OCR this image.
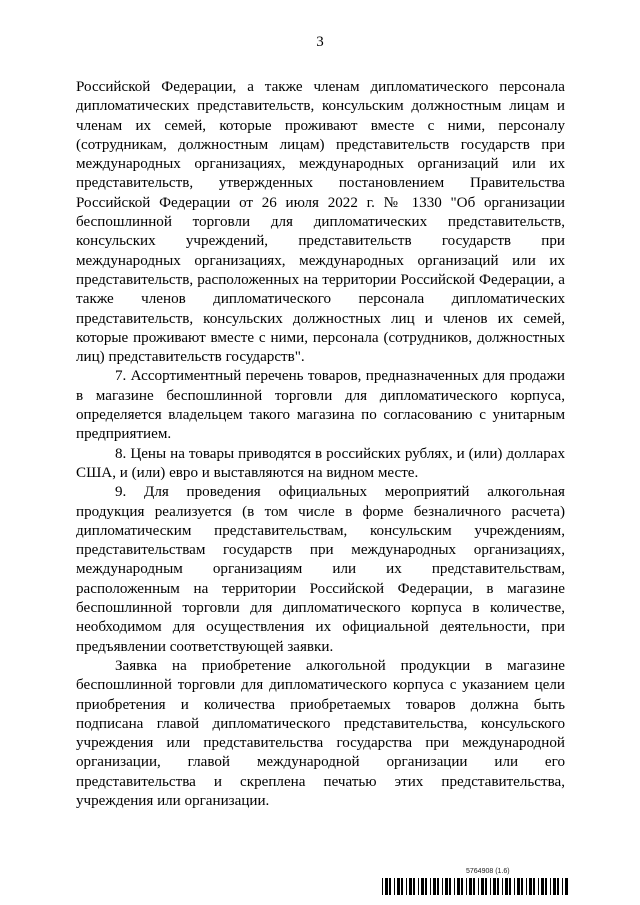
3

Российской Федерации, а также членам дипломатического персонала дипломатических представительств, консульским должностным лицам и членам их семей, которые проживают вместе с ними, персоналу (сотрудникам, должностным лицам) представительств государств при международных организациях, международных организаций или их представительств, утвержденных постановлением Правительства Российской Федерации от 26 июля 2022 г. № 1330 "Об организации беспошлинной торговли для дипломатических представительств, консульских учреждений, представительств государств при международных организациях, международных организаций или их представительств, расположенных на территории Российской Федерации, а также членов дипломатического персонала дипломатических представительств, консульских должностных лиц и членов их семей, которые проживают вместе с ними, персонала (сотрудников, должностных лиц) представительств государств".

7. Ассортиментный перечень товаров, предназначенных для продажи в магазине беспошлинной торговли для дипломатического корпуса, определяется владельцем такого магазина по согласованию с унитарным предприятием.

8. Цены на товары приводятся в российских рублях, и (или) долларах США, и (или) евро и выставляются на видном месте.

9. Для проведения официальных мероприятий алкогольная продукция реализуется (в том числе в форме безналичного расчета) дипломатическим представительствам, консульским учреждениям, представительствам государств при международных организациях, международным организациям или их представительствам, расположенным на территории Российской Федерации, в магазине беспошлинной торговли для дипломатического корпуса в количестве, необходимом для осуществления их официальной деятельности, при предъявлении соответствующей заявки.

Заявка на приобретение алкогольной продукции в магазине беспошлинной торговли для дипломатического корпуса с указанием цели приобретения и количества приобретаемых товаров должна быть подписана главой дипломатического представительства, консульского учреждения или представительства государства при международной организации, главой международной организации или его представительства и скреплена печатью этих представительства, учреждения или организации.

5764908 (1.6)
